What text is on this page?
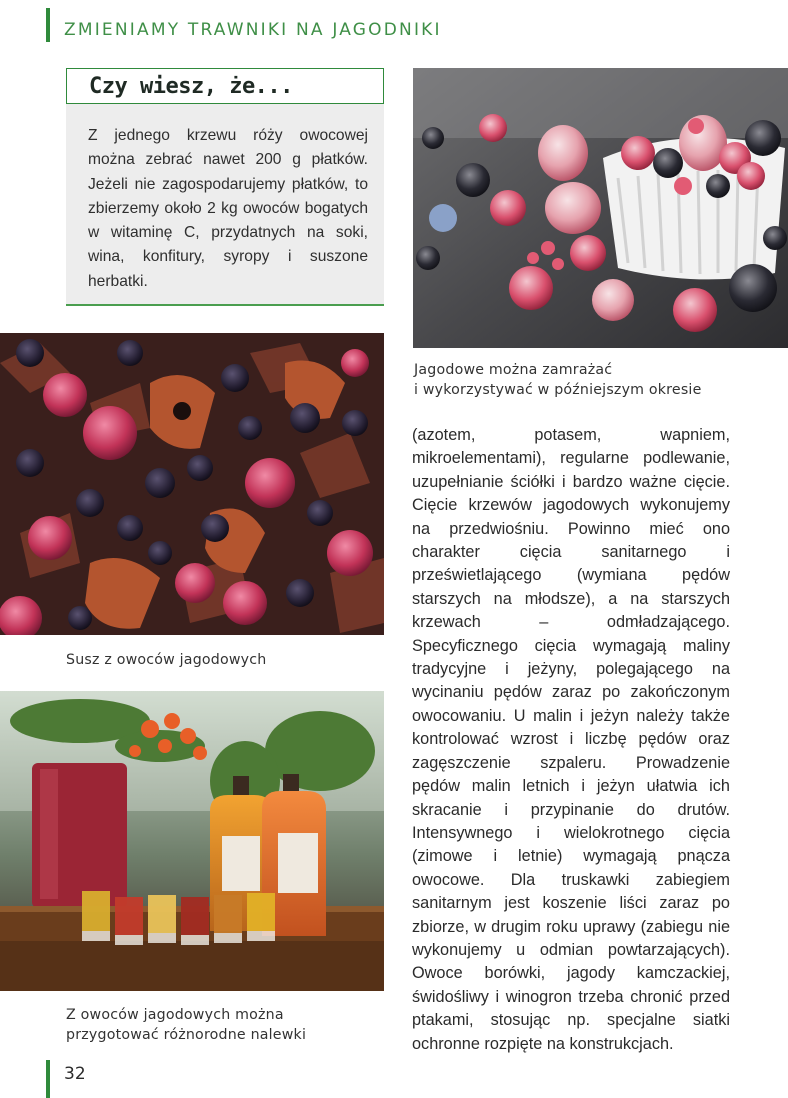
ZMIENIAMY TRAWNIKI NA JAGODNIKI
Czy wiesz, że...
Z jednego krzewu róży owocowej można zebrać nawet 200 g płatków. Jeżeli nie zagospodarujemy płatków, to zbierzemy około 2 kg owoców bogatych w witaminę C, przydatnych na soki, wina, konfitury, syropy i suszone herbatki.
Jagodowe można zamrażać
i wykorzystywać w późniejszym okresie
Susz z owoców jagodowych
Z owoców jagodowych można
przygotować różnorodne nalewki
(azotem, potasem, wapniem, mikroelementami), regularne podlewanie, uzupełnianie ściółki i bardzo ważne cięcie. Cięcie krzewów jagodowych wykonujemy na przedwiośniu. Powinno mieć ono charakter cięcia sanitarnego i prześwietlającego (wymiana pędów starszych na młodsze), a na starszych krzewach – odmładzającego. Specyficznego cięcia wymagają maliny tradycyjne i jeżyny, polegającego na wycinaniu pędów zaraz po zakończonym owocowaniu. U malin i jeżyn należy także kontrolować wzrost i liczbę pędów oraz zagęszczenie szpaleru. Prowadzenie pędów malin letnich i jeżyn ułatwia ich skracanie i przypinanie do drutów. Intensywnego i wielokrotnego cięcia (zimowe i letnie) wymagają pnącza owocowe. Dla truskawki zabiegiem sanitarnym jest koszenie liści zaraz po zbiorze, w drugim roku uprawy (zabiegu nie wykonujemy u odmian powtarzających). Owoce borówki, jagody kamczackiej, świdośliwy i winogron trzeba chronić przed ptakami, stosując np. specjalne siatki ochronne rozpięte na konstrukcjach.
32
